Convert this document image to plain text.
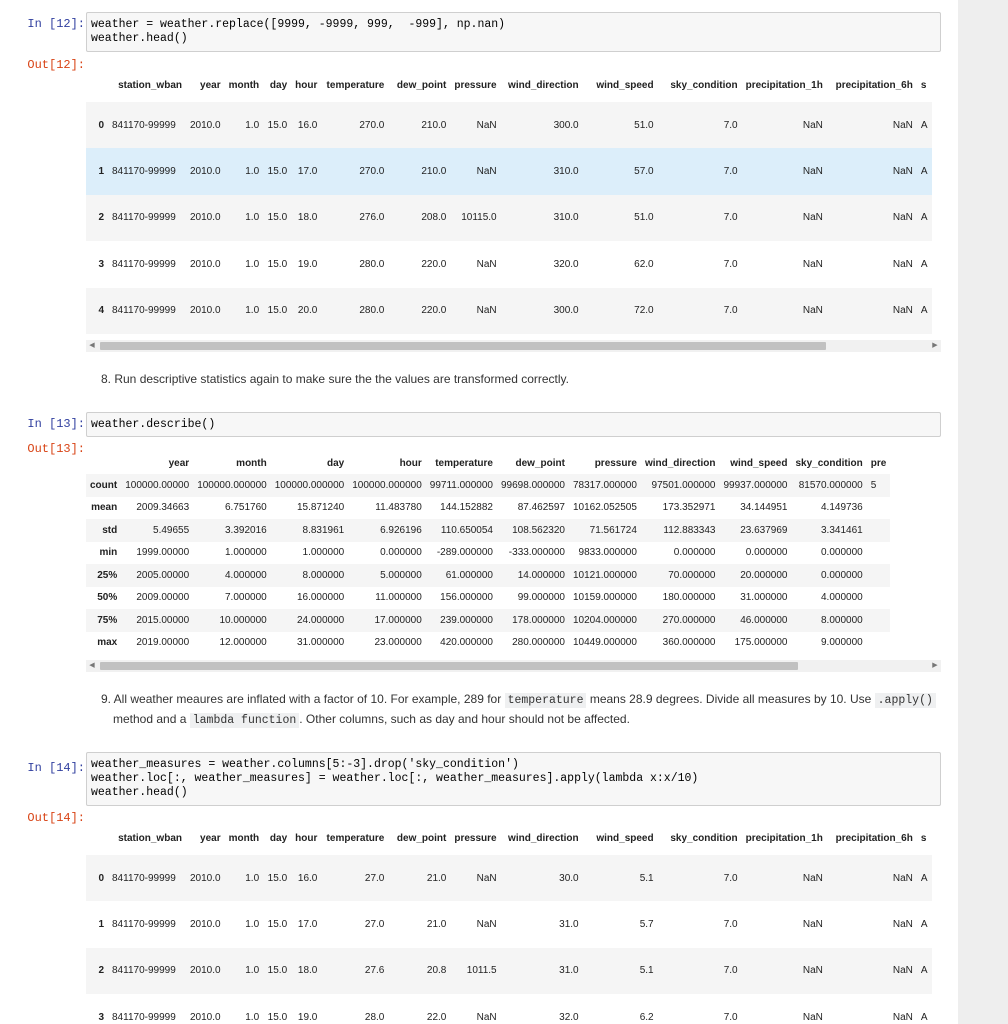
In [12]: weather = weather.replace([9999, -9999, 999,  -999], np.nan)
weather.head()
Out[12]:
	station_wban	year	month	day	hour	temperature	dew_point	pressure	wind_direction	wind_speed	sky_condition	precipitation_1h	precipitation_6h	s
0	841170-99999	2010.0	1.0	15.0	16.0	270.0	210.0	NaN	300.0	51.0	7.0	NaN	NaN	A
1	841170-99999	2010.0	1.0	15.0	17.0	270.0	210.0	NaN	310.0	57.0	7.0	NaN	NaN	A
2	841170-99999	2010.0	1.0	15.0	18.0	276.0	208.0	10115.0	310.0	51.0	7.0	NaN	NaN	A
3	841170-99999	2010.0	1.0	15.0	19.0	280.0	220.0	NaN	320.0	62.0	7.0	NaN	NaN	A
4	841170-99999	2010.0	1.0	15.0	20.0	280.0	220.0	NaN	300.0	72.0	7.0	NaN	NaN	A
◀	▶
8. Run descriptive statistics again to make sure the the values are transformed correctly.
In [13]: weather.describe()
Out[13]:
	year	month	day	hour	temperature	dew_point	pressure	wind_direction	wind_speed	sky_condition	pre
count	100000.00000	100000.000000	100000.000000	100000.000000	99711.000000	99698.000000	78317.000000	97501.000000	99937.000000	81570.000000	5
mean	2009.34663	6.751760	15.871240	11.483780	144.152882	87.462597	10162.052505	173.352971	34.144951	4.149736	
std	5.49655	3.392016	8.831961	6.926196	110.650054	108.562320	71.561724	112.883343	23.637969	3.341461	
min	1999.00000	1.000000	1.000000	0.000000	-289.000000	-333.000000	9833.000000	0.000000	0.000000	0.000000	
25%	2005.00000	4.000000	8.000000	5.000000	61.000000	14.000000	10121.000000	70.000000	20.000000	0.000000	
50%	2009.00000	7.000000	16.000000	11.000000	156.000000	99.000000	10159.000000	180.000000	31.000000	4.000000	
75%	2015.00000	10.000000	24.000000	17.000000	239.000000	178.000000	10204.000000	270.000000	46.000000	8.000000	
max	2019.00000	12.000000	31.000000	23.000000	420.000000	280.000000	10449.000000	360.000000	175.000000	9.000000	
◀	▶
9. All weather meaures are inflated with a factor of 10. For example, 289 for temperature means 28.9 degrees. Divide all measures by 10. Use .apply()
method and a lambda function . Other columns, such as day and hour should not be affected.
In [14]: weather_measures = weather.columns[5:-3].drop('sky_condition')
weather.loc[:, weather_measures] = weather.loc[:, weather_measures].apply(lambda x:x/10)
weather.head()
Out[14]:
	station_wban	year	month	day	hour	temperature	dew_point	pressure	wind_direction	wind_speed	sky_condition	precipitation_1h	precipitation_6h	s
0	841170-99999	2010.0	1.0	15.0	16.0	27.0	21.0	NaN	30.0	5.1	7.0	NaN	NaN	A
1	841170-99999	2010.0	1.0	15.0	17.0	27.0	21.0	NaN	31.0	5.7	7.0	NaN	NaN	A
2	841170-99999	2010.0	1.0	15.0	18.0	27.6	20.8	1011.5	31.0	5.1	7.0	NaN	NaN	A
3	841170-99999	2010.0	1.0	15.0	19.0	28.0	22.0	NaN	32.0	6.2	7.0	NaN	NaN	A
